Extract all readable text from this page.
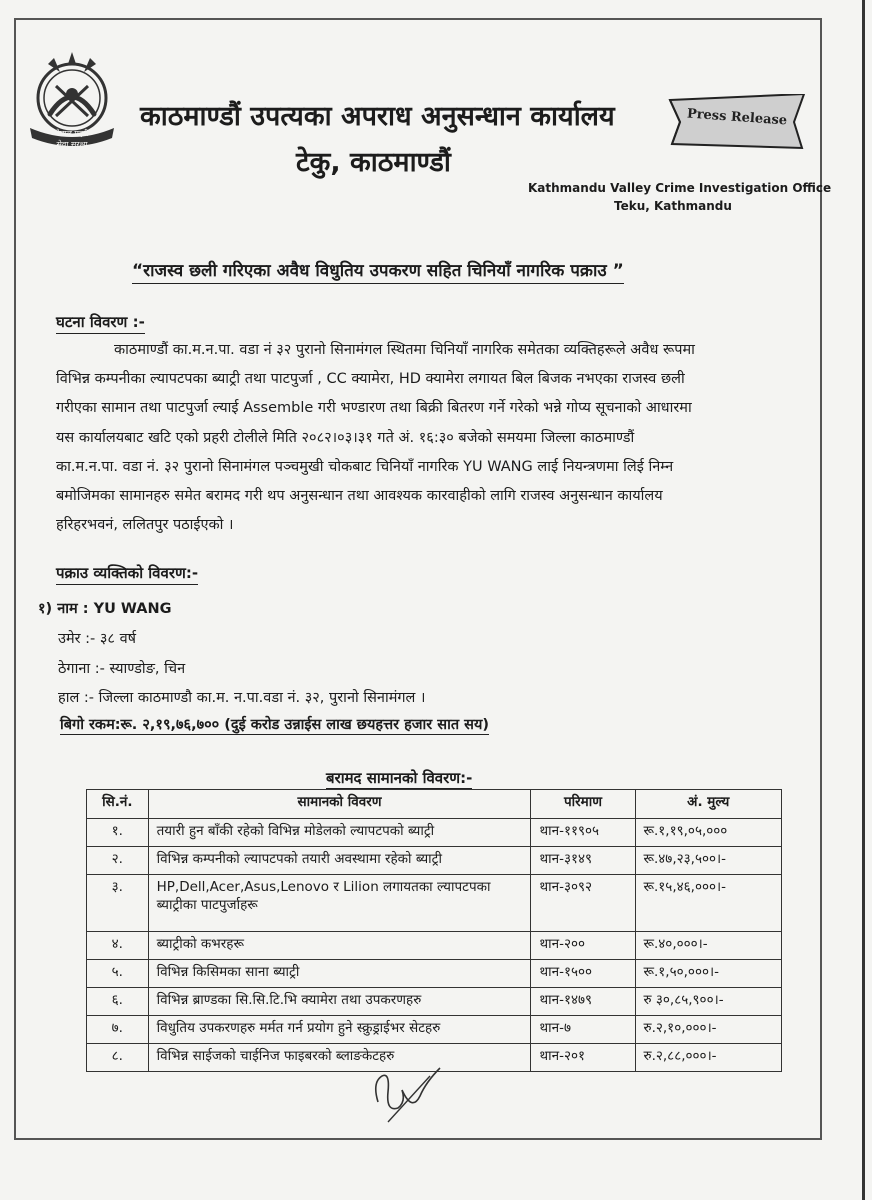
नेपाल प्रहरी
सेवा सुरक्षा
काठमाण्डौं उपत्यका अपराध अनुसन्धान कार्यालय
टेकु, काठमाण्डौं
Press Release
Kathmandu Valley Crime Investigation Office
Teku, Kathmandu
“राजस्व छली गरिएका अवैध विधुतिय उपकरण सहित चिनियाँ नागरिक पक्राउ ”
घटना विवरण :-
काठमाण्डौं का.म.न.पा. वडा नं ३२ पुरानो सिनामंगल स्थितमा चिनियाँ नागरिक समेतका व्यक्तिहरूले अवैध रूपमा
विभिन्न कम्पनीका ल्यापटपका ब्याट्री तथा पाटपुर्जा , CC क्यामेरा, HD क्यामेरा लगायत बिल बिजक नभएका राजस्व छली
गरीएका सामान तथा पाटपुर्जा ल्याई Assemble गरी भण्डारण तथा बिक्री बितरण गर्ने गरेको भन्ने गोप्य सूचनाको आधारमा
यस कार्यालयबाट खटि एको प्रहरी टोलीले मिति २०८२।०३।३१ गते अं. १६:३० बजेको समयमा जिल्ला काठमाण्डौं
का.म.न.पा. वडा नं. ३२ पुरानो सिनामंगल पञ्चमुखी चोकबाट चिनियाँ नागरिक YU WANG लाई नियन्त्रणमा लिई निम्न
बमोजिमका सामानहरु समेत बरामद गरी थप अनुसन्धान तथा आवश्यक कारवाहीको लागि राजस्व अनुसन्धान कार्यालय
हरिहरभवनं, ललितपुर पठाईएको ।
पक्राउ व्यक्तिको विवरण:-
१) नाम : YU WANG
उमेर :- ३८ वर्ष
ठेगाना :- स्याण्डोङ, चिन
हाल :- जिल्ला काठमाण्डौ का.म. न.पा.वडा नं. ३२, पुरानो सिनामंगल ।
बिगो रकम:रू. २,१९,७६,७०० (दुई करोड उन्नाईस लाख छयहत्तर हजार सात सय)
बरामद सामानको विवरण:-
सि.नं.	सामानको विवरण	परिमाण	अं. मुल्य
१.	तयारी हुन बाँकी रहेको विभिन्न मोडेलको ल्यापटपको ब्याट्री	थान-११९०५	रू.१,१९,०५,०००
२.	विभिन्न कम्पनीको ल्यापटपको तयारी अवस्थामा रहेको ब्याट्री	थान-३१४९	रू.४७,२३,५००।-
३.	HP,Dell,Acer,Asus,Lenovo र Lilion लगायतका ल्यापटपका ब्याट्रीका पाटपुर्जाहरू	थान-३०९२	रू.१५,४६,०००।-
४.	ब्याट्रीको कभरहरू	थान-२००	रू.४०,०००।-
५.	विभिन्न किसिमका साना ब्याट्री	थान-१५००	रू.१,५०,०००।-
६.	विभिन्न ब्राण्डका सि.सि.टि.भि क्यामेरा तथा उपकरणहरु	थान-१४७९	रु ३०,८५,९००।-
७.	विधुतिय उपकरणहरु मर्मत गर्न प्रयोग हुने स्क्रुड्राईभर सेटहरु	थान-७	रु.२,१०,०००।-
८.	विभिन्न साईजको चाईनिज फाइबरको ब्लाङकेटहरु	थान-२०१	रु.२,८८,०००।-
